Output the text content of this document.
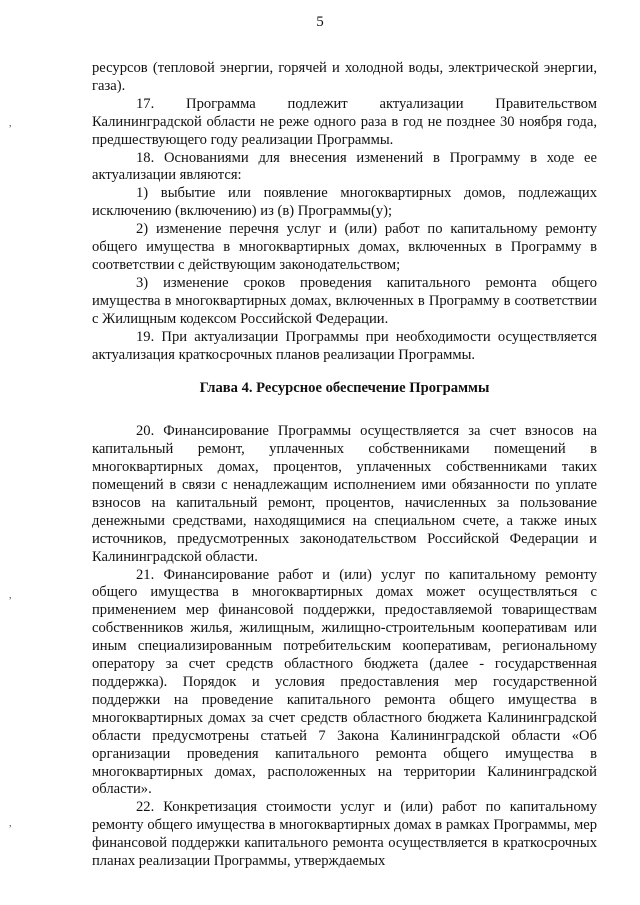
5
,
,
,

ресурсов (тепловой энергии, горячей и холодной воды, электрической энергии, газа).

17. Программа подлежит актуализации Правительством Калининградской области не реже одного раза в год не позднее 30 ноября года, предшествующего году реализации Программы.

18. Основаниями для внесения изменений в Программу в ходе ее актуализации являются:

1) выбытие или появление многоквартирных домов, подлежащих исключению (включению) из (в) Программы(у);

2) изменение перечня услуг и (или) работ по капитальному ремонту общего имущества в многоквартирных домах, включенных в Программу в соответствии с действующим законодательством;

3) изменение сроков проведения капитального ремонта общего имущества в многоквартирных домах, включенных в Программу в соответствии с Жилищным кодексом Российской Федерации.

19. При актуализации Программы при необходимости осуществляется актуализация краткосрочных планов реализации Программы.

Глава 4. Ресурсное обеспечение Программы

20. Финансирование Программы осуществляется за счет взносов на капитальный ремонт, уплаченных собственниками помещений в многоквартирных домах, процентов, уплаченных собственниками таких помещений в связи с ненадлежащим исполнением ими обязанности по уплате взносов на капитальный ремонт, процентов, начисленных за пользование денежными средствами, находящимися на специальном счете, а также иных источников, предусмотренных законодательством Российской Федерации и Калининградской области.

21. Финансирование работ и (или) услуг по капитальному ремонту общего имущества в многоквартирных домах может осуществляться с применением мер финансовой поддержки, предоставляемой товариществам собственников жилья, жилищным, жилищно-строительным кооперативам или иным специализированным потребительским кооперативам, региональному оператору за счет средств областного бюджета (далее - государственная поддержка). Порядок и условия предоставления мер государственной поддержки на проведение капитального ремонта общего имущества в многоквартирных домах за счет средств областного бюджета Калининградской области предусмотрены статьей 7 Закона Калининградской области «Об организации проведения капитального ремонта общего имущества в многоквартирных домах, расположенных на территории Калининградской области».

22. Конкретизация стоимости услуг и (или) работ по капитальному ремонту общего имущества в многоквартирных домах в рамках Программы, мер финансовой поддержки капитального ремонта осуществляется в краткосрочных планах реализации Программы, утверждаемых
